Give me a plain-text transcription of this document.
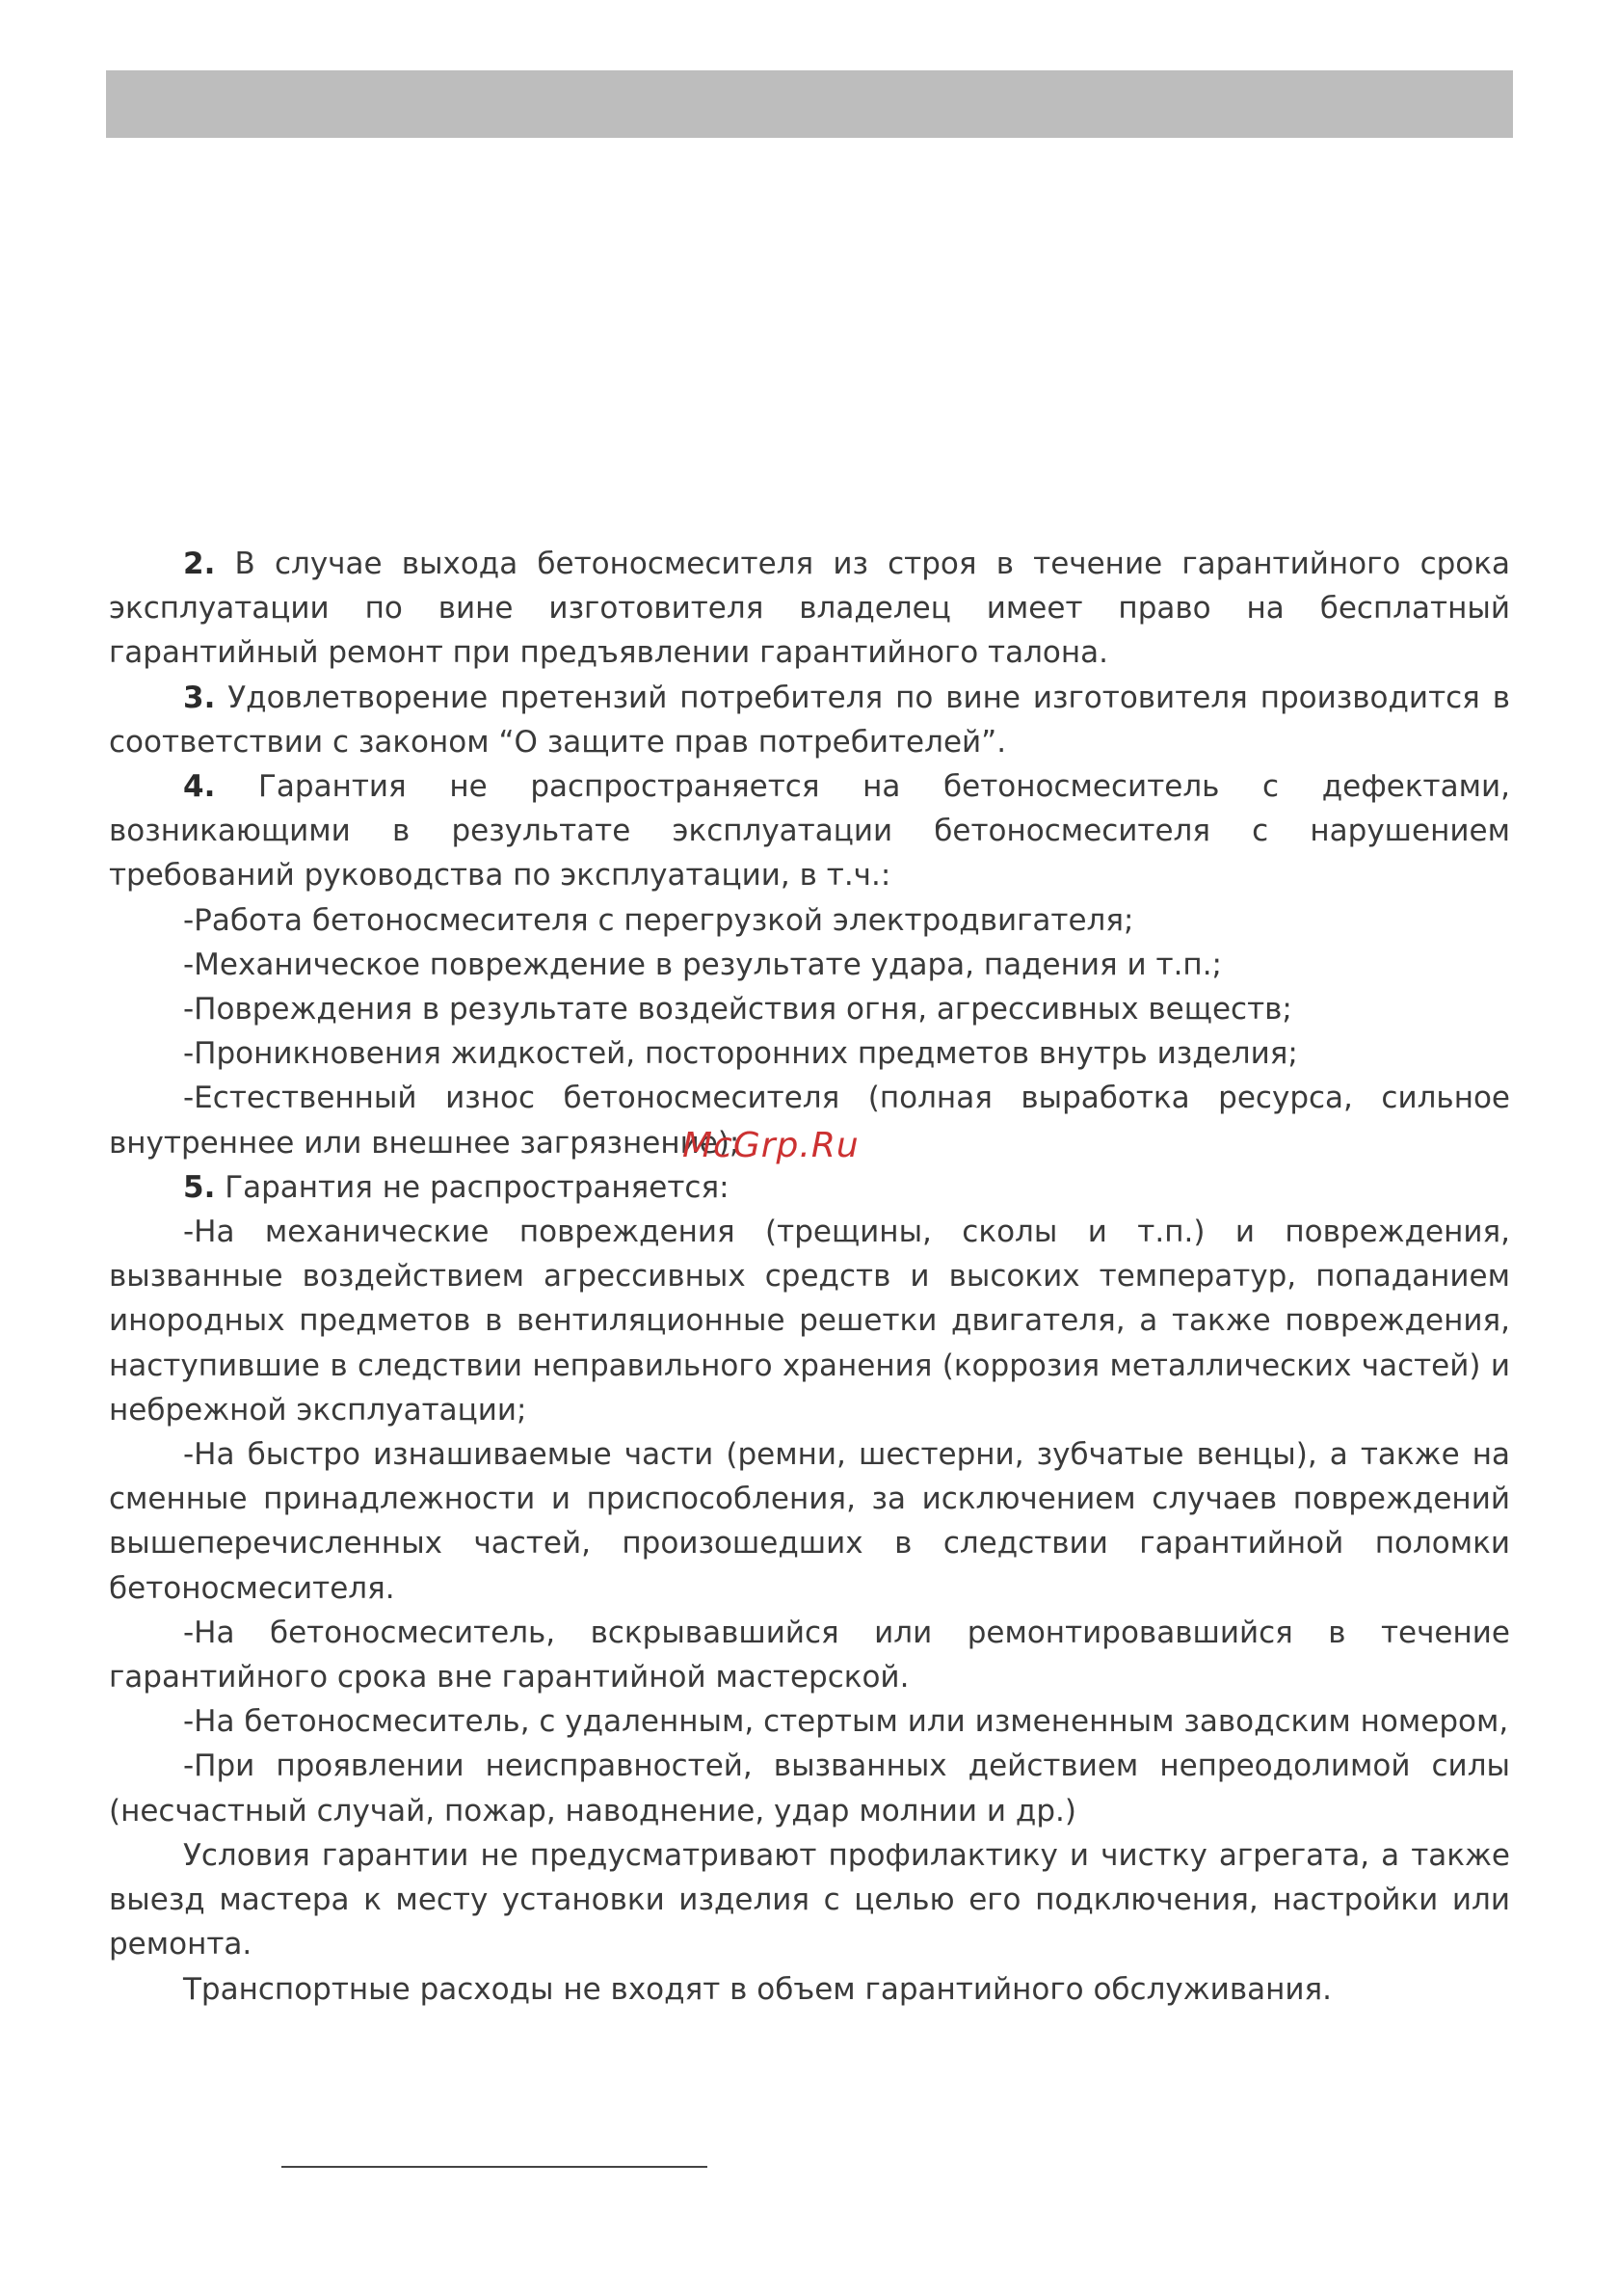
2. В случае выхода бетоносмесителя из строя в течение гарантийного срока эксплуатации по вине изготовителя владелец имеет право на бесплатный гарантийный ремонт при предъявлении гарантийного талона.

3. Удовлетворение претензий потребителя по вине изготовителя производится в соответствии с законом “О защите прав потребителей”.

4. Гарантия не распространяется на бетоносмеситель с дефектами, возникающими в результате эксплуатации бетоносмесителя с нарушением требований руководства по эксплуатации, в т.ч.:

-Работа бетоносмесителя с перегрузкой электродвигателя;

-Механическое повреждение в результате удара, падения и т.п.;

-Повреждения в результате воздействия огня, агрессивных веществ;

-Проникновения жидкостей, посторонних предметов внутрь изделия;

-Естественный износ бетоносмесителя (полная выработка ресурса, сильное внутреннее или внешнее загрязнение);

5. Гарантия не распространяется:

-На механические повреждения (трещины, сколы и т.п.) и повреждения, вызванные воздействием агрессивных средств и высоких температур, попаданием инородных предметов в вентиляционные решетки двигателя, а также повреждения, наступившие в следствии неправильного хранения (коррозия металлических частей) и небрежной эксплуатации;

-На быстро изнашиваемые части (ремни, шестерни, зубчатые венцы), а также на сменные принадлежности и приспособления, за исключением случаев повреждений вышеперечисленных частей, произошедших в следствии гарантийной поломки бетоносмесителя.

-На бетоносмеситель, вскрывавшийся или ремонтировавшийся в течение гарантийного срока вне гарантийной мастерской.

-На бетоносмеситель, с удаленным, стертым или измененным заводским номером,

-При проявлении неисправностей, вызванных действием непреодолимой силы (несчастный случай, пожар, наводнение, удар молнии и др.)

Условия гарантии не предусматривают профилактику и чистку агрегата, а также выезд мастера к месту установки изделия с целью его подключения, настройки или ремонта.

Транспортные расходы не входят в объем гарантийного обслуживания.

McGrp.Ru
